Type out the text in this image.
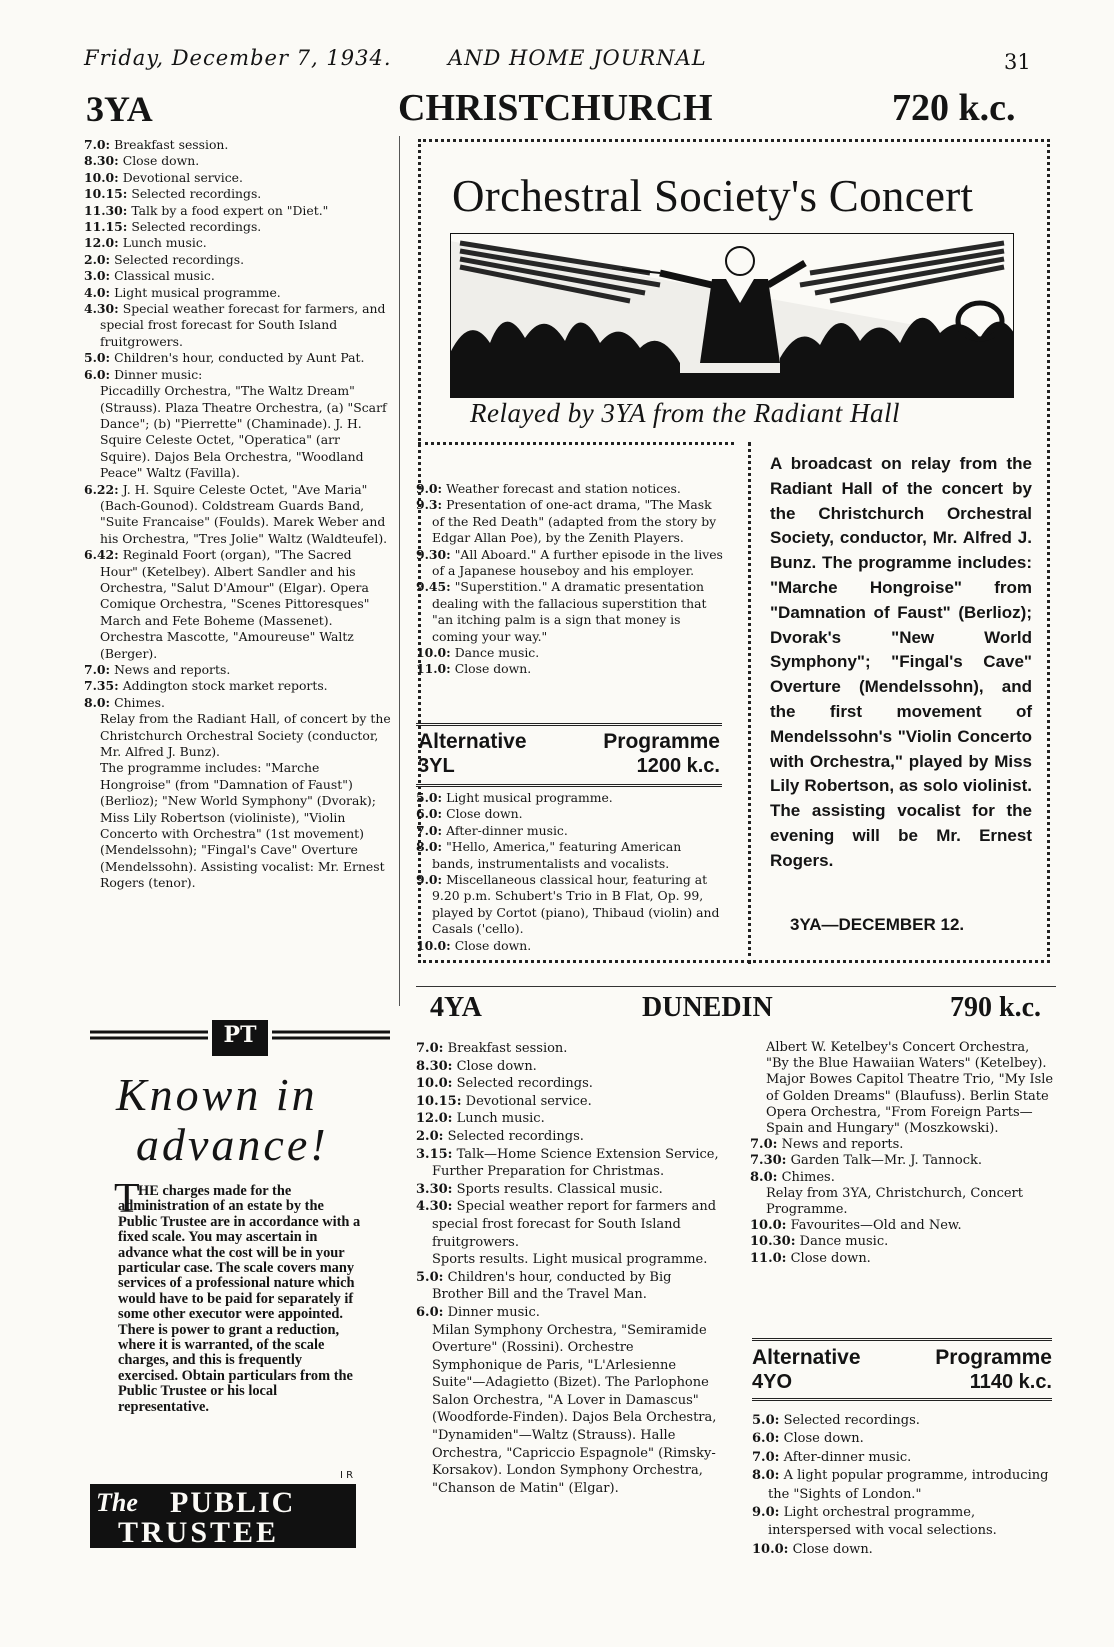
Friday, December 7, 1934.	AND HOME JOURNAL	31
3YA	CHRISTCHURCH	720 k.c.

7.0: Breakfast session.

8.30: Close down.

10.0: Devotional service.

10.15: Selected recordings.

11.30: Talk by a food expert on "Diet."

11.15: Selected recordings.

12.0: Lunch music.

2.0: Selected recordings.

3.0: Classical music.

4.0: Light musical programme.

4.30: Special weather forecast for farmers, and special frost forecast for South Island fruitgrowers.

5.0: Children's hour, conducted by Aunt Pat.

6.0: Dinner music:

Piccadilly Orchestra, "The Waltz Dream" (Strauss). Plaza Theatre Orchestra, (a) "Scarf Dance"; (b) "Pierrette" (Chaminade). J. H. Squire Celeste Octet, "Operatica" (arr Squire). Dajos Bela Orchestra, "Woodland Peace" Waltz (Favilla).

6.22: J. H. Squire Celeste Octet, "Ave Maria" (Bach-Gounod). Coldstream Guards Band, "Suite Francaise" (Foulds). Marek Weber and his Orchestra, "Tres Jolie" Waltz (Waldteufel).

6.42: Reginald Foort (organ), "The Sacred Hour" (Ketelbey). Albert Sandler and his Orchestra, "Salut D'Amour" (Elgar). Opera Comique Orchestra, "Scenes Pittoresques" March and Fete Boheme (Massenet). Orchestra Mascotte, "Amoureuse" Waltz (Berger).

7.0: News and reports.

7.35: Addington stock market reports.

8.0: Chimes.

Relay from the Radiant Hall, of concert by the Christchurch Orchestral Society (conductor, Mr. Alfred J. Bunz).

The programme includes: "Marche Hongroise" (from "Damnation of Faust") (Berlioz); "New World Symphony" (Dvorak); Miss Lily Robertson (violiniste), "Violin Concerto with Orchestra" (1st movement) (Mendelssohn); "Fingal's Cave" Overture (Mendelssohn). Assisting vocalist: Mr. Ernest Rogers (tenor).

Orchestral Society's Concert
Relayed by 3YA from the Radiant Hall
A broadcast on relay from the Radiant Hall of the concert by the Christchurch Orchestral Society, conductor, Mr. Alfred J. Bunz. The programme includes: "Marche Hongroise" from "Damnation of Faust" (Berlioz); Dvorak's "New World Symphony"; "Fingal's Cave" Overture (Mendelssohn), and the first movement of Mendelssohn's "Violin Concerto with Orchestra," played by Miss Lily Robertson, as solo violinist. The assisting vocalist for the evening will be Mr. Ernest Rogers.
3YA—DECEMBER 12.

9.0: Weather forecast and station notices.

9.3: Presentation of one-act drama, "The Mask of the Red Death" (adapted from the story by Edgar Allan Poe), by the Zenith Players.

9.30: "All Aboard." A further episode in the lives of a Japanese houseboy and his employer.

9.45: "Superstition." A dramatic presentation dealing with the fallacious superstition that "an itching palm is a sign that money is coming your way."

10.0: Dance music.

11.0: Close down.

Alternative	Programme
3YL	1200 k.c.

5.0: Light musical programme.

6.0: Close down.

7.0: After-dinner music.

8.0: "Hello, America," featuring American bands, instrumentalists and vocalists.

9.0: Miscellaneous classical hour, featuring at 9.20 p.m. Schubert's Trio in B Flat, Op. 99, played by Cortot (piano), Thibaud (violin) and Casals ('cello).

10.0: Close down.

PT
Known in
advance!
T
HE charges made for the administration of an estate by the Public Trustee are in accordance with a fixed scale. You may ascertain in advance what the cost will be in your particular case. The scale covers many services of a professional nature which would have to be paid for separately if some other executor were appointed. There is power to grant a reduction, where it is warranted, of the scale charges, and this is frequently exercised. Obtain particulars from the Public Trustee or his local representative.
I R
The PUBLIC
TRUSTEE
4YA	DUNEDIN	790 k.c.

7.0: Breakfast session.

8.30: Close down.

10.0: Selected recordings.

10.15: Devotional service.

12.0: Lunch music.

2.0: Selected recordings.

3.15: Talk—Home Science Extension Service, Further Preparation for Christmas.

3.30: Sports results. Classical music.

4.30: Special weather report for farmers and special frost forecast for South Island fruitgrowers.

Sports results. Light musical programme.

5.0: Children's hour, conducted by Big Brother Bill and the Travel Man.

6.0: Dinner music.

Milan Symphony Orchestra, "Semiramide Overture" (Rossini). Orchestre Symphonique de Paris, "L'Arlesienne Suite"—Adagietto (Bizet). The Parlophone Salon Orchestra, "A Lover in Damascus" (Woodforde-Finden). Dajos Bela Orchestra, "Dynamiden"—Waltz (Strauss). Halle Orchestra, "Capriccio Espagnole" (Rimsky-Korsakov). London Symphony Orchestra, "Chanson de Matin" (Elgar).

Albert W. Ketelbey's Concert Orchestra, "By the Blue Hawaiian Waters" (Ketelbey). Major Bowes Capitol Theatre Trio, "My Isle of Golden Dreams" (Blaufuss). Berlin State Opera Orchestra, "From Foreign Parts—Spain and Hungary" (Moszkowski).

7.0: News and reports.

7.30: Garden Talk—Mr. J. Tannock.

8.0: Chimes.

Relay from 3YA, Christchurch, Concert Programme.

10.0: Favourites—Old and New.

10.30: Dance music.

11.0: Close down.

Alternative	Programme
4YO	1140 k.c.

5.0: Selected recordings.

6.0: Close down.

7.0: After-dinner music.

8.0: A light popular programme, introducing the "Sights of London."

9.0: Light orchestral programme, interspersed with vocal selections.

10.0: Close down.
